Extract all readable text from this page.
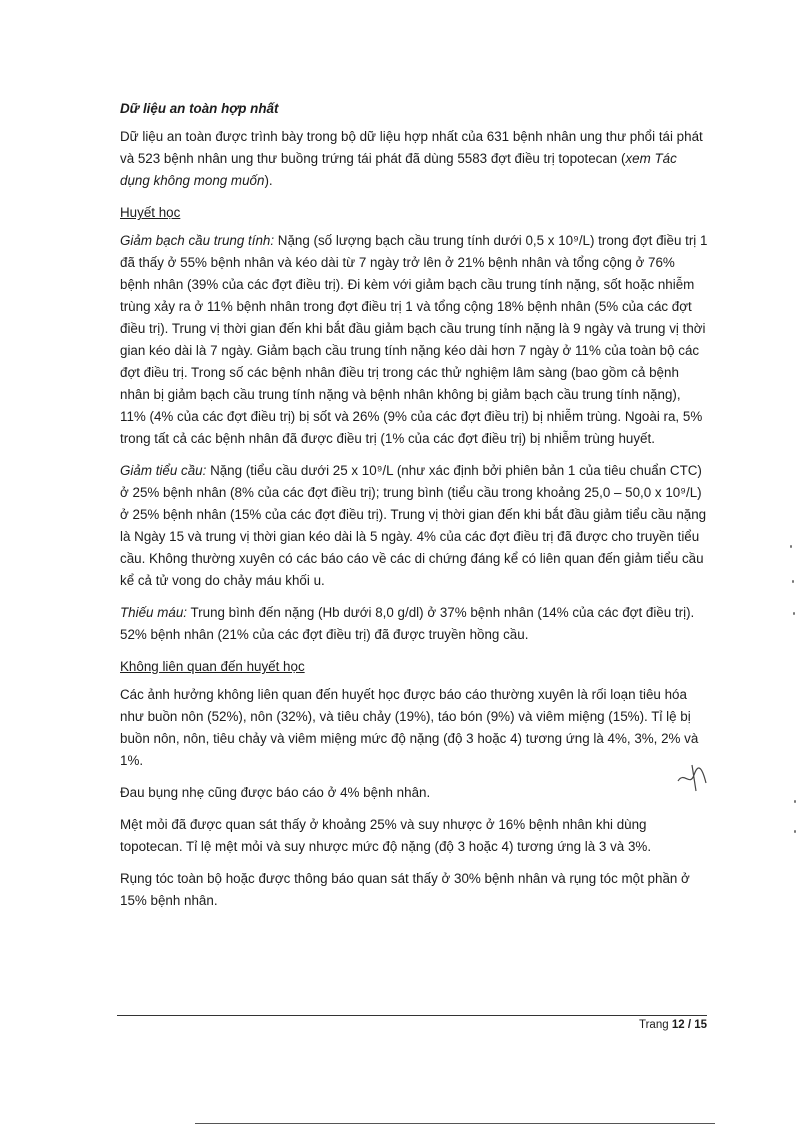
Dữ liệu an toàn hợp nhất

Dữ liệu an toàn được trình bày trong bộ dữ liệu hợp nhất của 631 bệnh nhân ung thư phổi tái phát và 523 bệnh nhân ung thư buồng trứng tái phát đã dùng 5583 đợt điều trị topotecan (xem Tác dụng không mong muốn).

Huyết học

Giảm bạch cầu trung tính: Nặng (số lượng bạch cầu trung tính dưới 0,5 x 10⁹/L) trong đợt điều trị 1 đã thấy ở 55% bệnh nhân và kéo dài từ 7 ngày trở lên ở 21% bệnh nhân và tổng cộng ở 76% bệnh nhân (39% của các đợt điều trị). Đi kèm với giảm bạch cầu trung tính nặng, sốt hoặc nhiễm trùng xảy ra ở 11% bệnh nhân trong đợt điều trị 1 và tổng cộng 18% bệnh nhân (5% của các đợt điều trị). Trung vị thời gian đến khi bắt đầu giảm bạch cầu trung tính nặng là 9 ngày và trung vị thời gian kéo dài là 7 ngày. Giảm bạch cầu trung tính nặng kéo dài hơn 7 ngày ở 11% của toàn bộ các đợt điều trị. Trong số các bệnh nhân điều trị trong các thử nghiệm lâm sàng (bao gồm cả bệnh nhân bị giảm bạch cầu trung tính nặng và bệnh nhân không bị giảm bạch cầu trung tính nặng), 11% (4% của các đợt điều trị) bị sốt và 26% (9% của các đợt điều trị) bị nhiễm trùng. Ngoài ra, 5% trong tất cả các bệnh nhân đã được điều trị (1% của các đợt điều trị) bị nhiễm trùng huyết.

Giảm tiểu cầu: Nặng (tiểu cầu dưới 25 x 10⁹/L (như xác định bởi phiên bản 1 của tiêu chuẩn CTC) ở 25% bệnh nhân (8% của các đợt điều trị); trung bình (tiểu cầu trong khoảng 25,0 – 50,0 x 10⁹/L) ở 25% bệnh nhân (15% của các đợt điều trị). Trung vị thời gian đến khi bắt đầu giảm tiểu cầu nặng là Ngày 15 và trung vị thời gian kéo dài là 5 ngày. 4% của các đợt điều trị đã được cho truyền tiểu cầu. Không thường xuyên có các báo cáo về các di chứng đáng kể có liên quan đến giảm tiểu cầu kể cả tử vong do chảy máu khối u.

Thiếu máu: Trung bình đến nặng (Hb dưới 8,0 g/dl) ở 37% bệnh nhân (14% của các đợt điều trị). 52% bệnh nhân (21% của các đợt điều trị) đã được truyền hồng cầu.

Không liên quan đến huyết học

Các ảnh hưởng không liên quan đến huyết học được báo cáo thường xuyên là rối loạn tiêu hóa như buồn nôn (52%), nôn (32%), và tiêu chảy (19%), táo bón (9%) và viêm miệng (15%). Tỉ lệ bị buồn nôn, nôn, tiêu chảy và viêm miệng mức độ nặng (độ 3 hoặc 4) tương ứng là 4%, 3%, 2% và 1%.

Đau bụng nhẹ cũng được báo cáo ở 4% bệnh nhân.

Mệt mỏi đã được quan sát thấy ở khoảng 25% và suy nhược ở 16% bệnh nhân khi dùng topotecan. Tỉ lệ mệt mỏi và suy nhược mức độ nặng (độ 3 hoặc 4) tương ứng là 3 và 3%.

Rụng tóc toàn bộ hoặc được thông báo quan sát thấy ở 30% bệnh nhân và rụng tóc một phần ở 15% bệnh nhân.

Trang 12 / 15
